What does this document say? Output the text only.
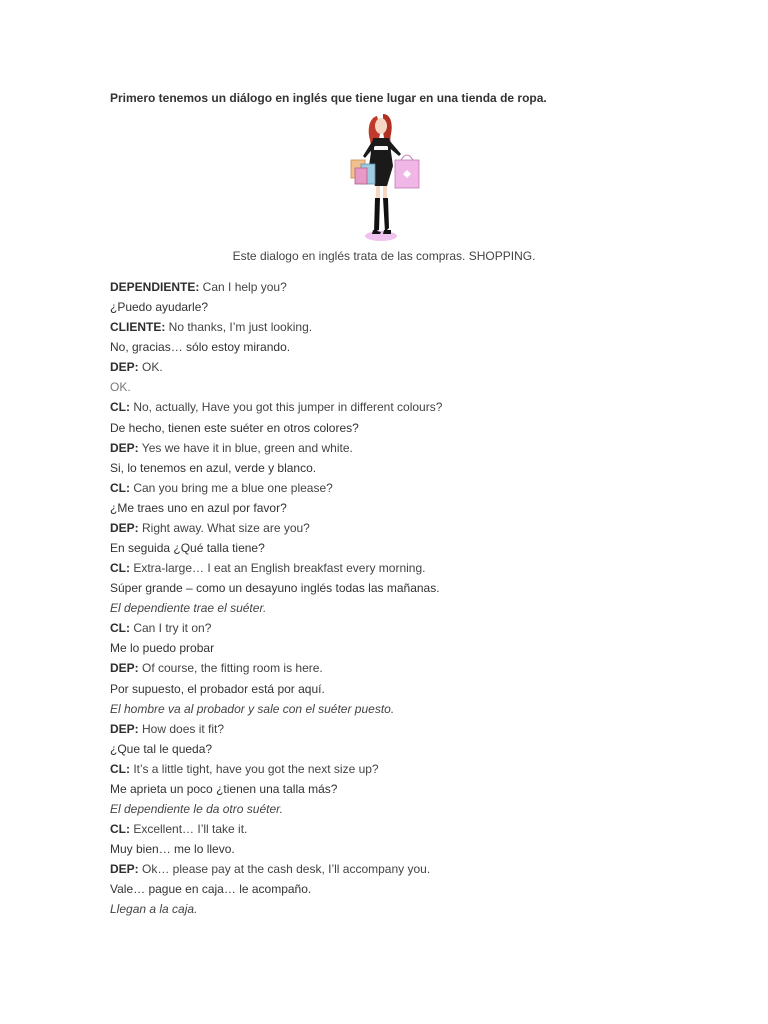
Primero tenemos un diálogo en inglés que tiene lugar en una tienda de ropa.

Este dialogo en inglés trata de las compras. SHOPPING.

DEPENDIENTE: Can I help you?
¿Puedo ayudarle?
CLIENTE: No thanks, I’m just looking.
No, gracias… sólo estoy mirando.
DEP: OK.
OK.
CL: No, actually, Have you got this jumper in different colours?
De hecho, tienen este suéter en otros colores?
DEP: Yes we have it in blue, green and white.
Si, lo tenemos en azul, verde y blanco.
CL: Can you bring me a blue one please?
¿Me traes uno en azul por favor?
DEP: Right away. What size are you?
En seguida ¿Qué talla tiene?
CL: Extra-large… I eat an English breakfast every morning.
Súper grande – como un desayuno inglés todas las mañanas.
El dependiente trae el suéter.
CL: Can I try it on?
Me lo puedo probar
DEP: Of course, the fitting room is here.
Por supuesto, el probador está por aquí.
El hombre va al probador y sale con el suéter puesto.
DEP: How does it fit?
¿Que tal le queda?
CL: It’s a little tight, have you got the next size up?
Me aprieta un poco ¿tienen una talla más?
El dependiente le da otro suéter.
CL: Excellent… I’ll take it.
Muy bien… me lo llevo.
DEP: Ok… please pay at the cash desk, I’ll accompany you.
Vale… pague en caja… le acompaño.
Llegan a la caja.
